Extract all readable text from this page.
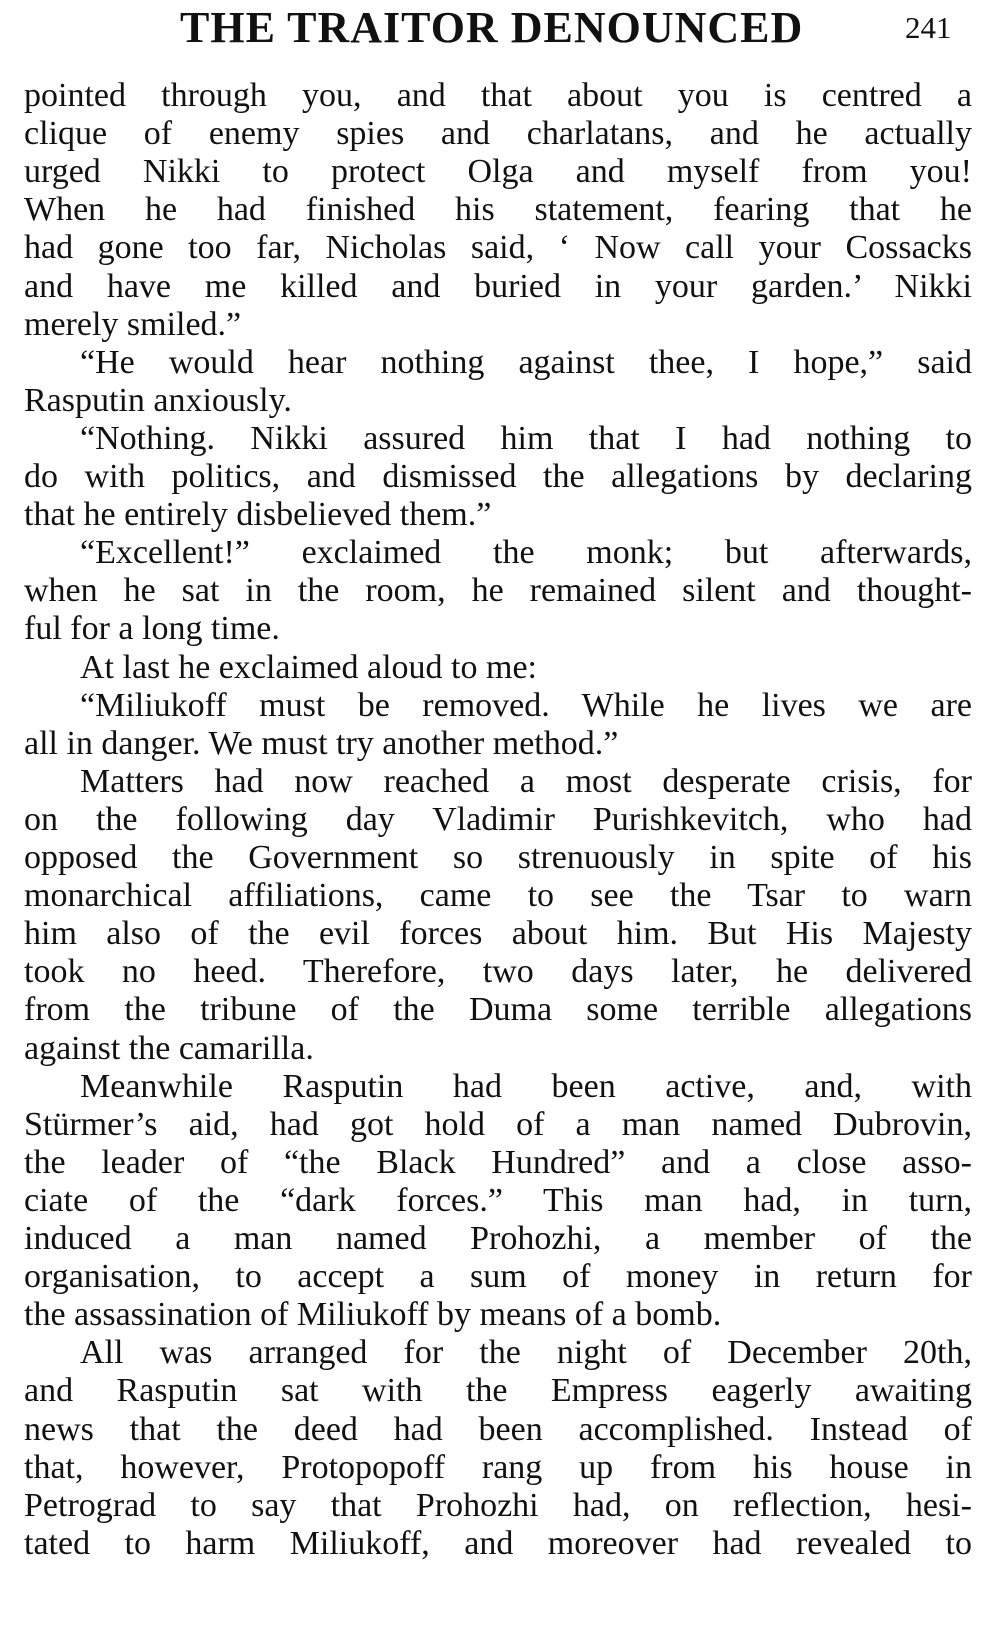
THE TRAITOR DENOUNCED	241
pointed through you, and that about you is centred a
clique of enemy spies and charlatans, and he actually
urged Nikki to protect Olga and myself from you!
When he had finished his statement, fearing that he
had gone too far, Nicholas said, ‘ Now call your Cossacks
and have me killed and buried in your garden.’ Nikki
merely smiled.”
“He would hear nothing against thee, I hope,” said
Rasputin anxiously.
“Nothing. Nikki assured him that I had nothing to
do with politics, and dismissed the allegations by declaring
that he entirely disbelieved them.”
“Excellent!” exclaimed the monk; but afterwards,
when he sat in the room, he remained silent and thought-
ful for a long time.
At last he exclaimed aloud to me:
“Miliukoff must be removed. While he lives we are
all in danger. We must try another method.”
Matters had now reached a most desperate crisis, for
on the following day Vladimir Purishkevitch, who had
opposed the Government so strenuously in spite of his
monarchical affiliations, came to see the Tsar to warn
him also of the evil forces about him. But His Majesty
took no heed. Therefore, two days later, he delivered
from the tribune of the Duma some terrible allegations
against the camarilla.
Meanwhile Rasputin had been active, and, with
Stürmer’s aid, had got hold of a man named Dubrovin,
the leader of “the Black Hundred” and a close asso-
ciate of the “dark forces.” This man had, in turn,
induced a man named Prohozhi, a member of the
organisation, to accept a sum of money in return for
the assassination of Miliukoff by means of a bomb.
All was arranged for the night of December 20th,
and Rasputin sat with the Empress eagerly awaiting
news that the deed had been accomplished. Instead of
that, however, Protopopoff rang up from his house in
Petrograd to say that Prohozhi had, on reflection, hesi-
tated to harm Miliukoff, and moreover had revealed to
